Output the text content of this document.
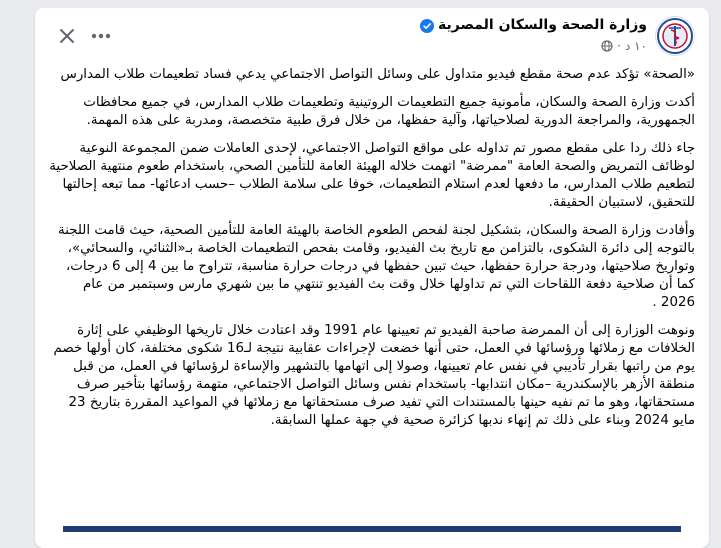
وزارة الصحة والسكان المصرية
١٠ د
·

«الصحة» تؤكد عدم صحة مقطع فيديو متداول على وسائل التواصل الاجتماعي يدعي فساد تطعيمات طلاب المدارس

أكدت وزارة الصحة والسكان، مأمونية جميع التطعيمات الروتينية وتطعيمات طلاب المدارس، في جميع محافظات الجمهورية، والمراجعة الدورية لصلاحياتها، وآلية حفظها، من خلال فرق طبية متخصصة، ومدربة على هذه المهمة.

جاء ذلك ردا على مقطع مصور تم تداوله على مواقع التواصل الاجتماعي، لإحدى العاملات ضمن المجموعة النوعية لوظائف التمريض والصحة العامة "ممرضة" اتهمت خلاله الهيئة العامة للتأمين الصحي، باستخدام طعوم منتهية الصلاحية لتطعيم طلاب المدارس، ما دفعها لعدم استلام التطعيمات، خوفا على سلامة الطلاب –حسب ادعائها- مما تبعه إحالتها للتحقيق، لاستبيان الحقيقة.

وأفادت وزارة الصحة والسكان، بتشكيل لجنة لفحص الطعوم الخاصة بالهيئة العامة للتأمين الصحية، حيث قامت اللجنة بالتوجه إلى دائرة الشكوى، بالتزامن مع تاريخ بث الفيديو، وقامت بفحص التطعيمات الخاصة بـ«الثنائي، والسحائي»، وتواريخ صلاحيتها، ودرجة حرارة حفظها، حيث تبين حفظها في درجات حرارة مناسبة، تتراوح ما بين 4 إلى 6 درجات، كما أن صلاحية دفعة اللقاحات التي تم تداولها خلال وقت بث الفيديو تنتهي ما بين شهري مارس وسبتمبر من عام 2026 .

ونوهت الوزارة إلى أن الممرضة صاحبة الفيديو تم تعيينها عام 1991 وقد اعتادت خلال تاريخها الوظيفي على إثارة الخلافات مع زملائها ورؤسائها في العمل، حتى أنها خضعت لإجراءات عقابية نتيجة لـ16 شكوى مختلفة، كان أولها خصم يوم من راتبها بقرار تأديبي في نفس عام تعيينها، وصولا إلى اتهامها بالتشهير والإساءة لرؤسائها في العمل، من قبل منطقة الأزهر بالإسكندرية –مكان انتدابها- باستخدام نفس وسائل التواصل الاجتماعي، متهمة رؤسائها بتأخير صرف مستحقاتها، وهو ما تم نفيه حينها بالمستندات التي تفيد صرف مستحقاتها مع زملائها في المواعيد المقررة بتاريخ 23 مايو 2024 وبناء على ذلك تم إنهاء ندبها كزائرة صحية في جهة عملها السابقة.
